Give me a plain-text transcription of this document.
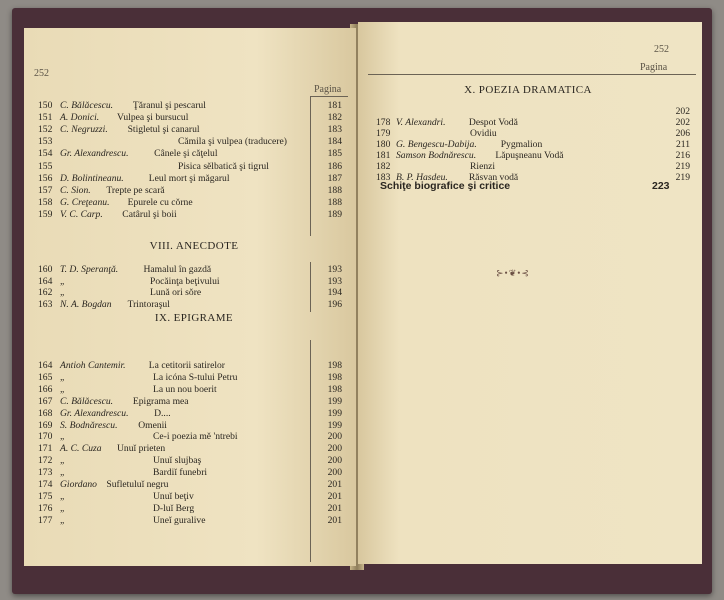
252
Pagina
150 C. Bălăcescu. Ţăranul şi pescarul	181
151 A. Donici. Vulpea şi bursucul	182
152 C. Negruzzi. Stigletul şi canarul	183
153	Cămila şi vulpea (traducere)	184
154 Gr. Alexandrescu.	Cânele şi căţelul	185
155	Pisica sĕlbatică şi tigrul	186
156 D. Bolintineanu.	Leul mort şi măgarul	187
157 C. Sion. Trepte pe scară	188
158 G. Creţeanu. Epurele cu cŏrne	188
159 V. C. Carp. Catârul şi boii	189
VIII. ANECDOTE
160 T. D. Speranţă.	Hamalul în gazdă	193
164 „	Pocăinţa beţivului	193
162 „	Lună ori sŏre	194
163 N. A. Bogdan Trintoraşul	196
IX. EPIGRAME
164 Antioh Cantemir. La cetitorii satirelor	198
165 „	La icóna S-tului Petru	198
166 „	La un nou boerit	198
167 C. Bălăcescu. Epigrama mea	199
168 Gr. Alexandrescu.	D....	199
169 S. Bodnărescu. Omenii	199
170 „	Ce-i poezia mĕ 'ntrebi	200
171 A. C. Cuza Unuĭ prieten	200
172 „	Unuĭ slujbaş	200
173 „	Bardiĭ funebri	200
174 Giordano Sufletuluĭ negru	201
175 „	Unuĭ beţiv	201
176 „	D-luĭ Berg	201
177 „	Uneĭ guralive	201
252
Pagina
X. POEZIA DRAMATICA
202
178 V. Alexandri. Despot Vodă	202
179	Ovidiu	206
180 G. Bengescu-Dabija. Pygmalion	211
181 Samson Bodnărescu. Lăpuşneanu Vodă	216
182	Rienzi	219
183 B. P. Hasdeu. Răsvan vodă	219
Schiţe biografice şi critice	223
⊱•❦•⊰
